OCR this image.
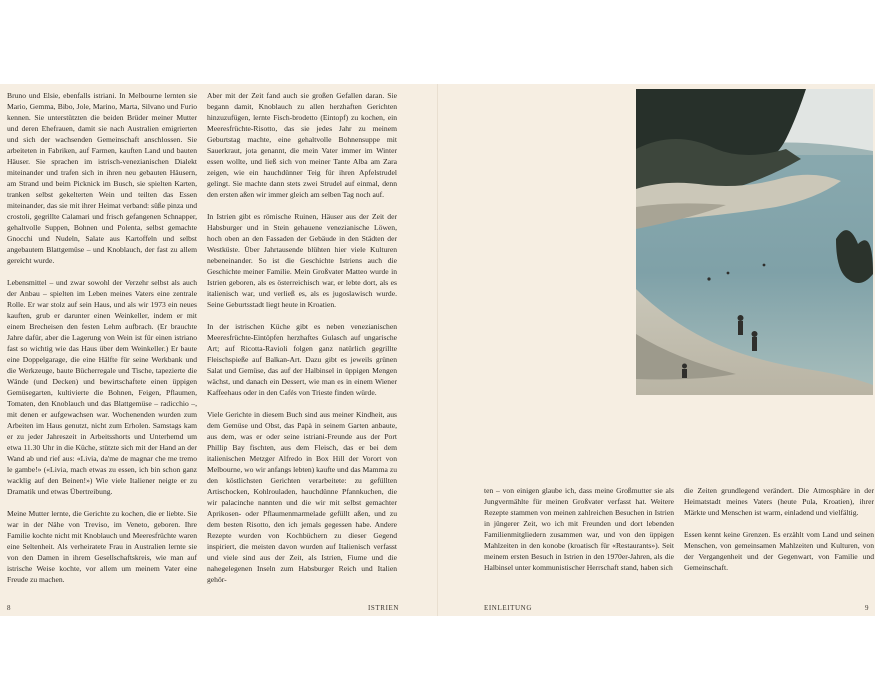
Bruno und Elsie, ebenfalls istriani. In Melbourne lernten sie Mario, Gemma, Bibo, Jole, Marino, Marta, Silvano und Furio kennen. Sie unterstützten die beiden Brüder meiner Mutter und deren Ehefrauen, damit sie nach Australien emigrierten und sich der wachsenden Gemeinschaft anschlossen. Sie arbeiteten in Fabriken, auf Farmen, kauften Land und bauten Häuser. Sie sprachen im istrisch-venezianischen Dialekt miteinander und trafen sich in ihren neu gebauten Häusern, am Strand und beim Picknick im Busch, sie spielten Karten, tranken selbst gekelterten Wein und teilten das Essen miteinander, das sie mit ihrer Heimat verband: süße pinza und crostoli, gegrillte Calamari und frisch gefangenen Schnapper, gehaltvolle Suppen, Bohnen und Polenta, selbst gemachte Gnocchi und Nudeln, Salate aus Kartoffeln und selbst angebautem Blattgemüse – und Knoblauch, der fast zu allem gereicht wurde.

Lebensmittel – und zwar sowohl der Verzehr selbst als auch der Anbau – spielten im Leben meines Vaters eine zentrale Rolle. Er war stolz auf sein Haus, und als wir 1973 ein neues kauften, grub er darunter einen Weinkeller, indem er mit einem Brecheisen den festen Lehm aufbrach. (Er brauchte Jahre dafür, aber die Lagerung von Wein ist für einen istriano fast so wichtig wie das Haus über dem Weinkeller.) Er baute eine Doppelgarage, die eine Hälfte für seine Werkbank und die Werkzeuge, baute Bücherregale und Tische, tapezierte die Wände (und Decken) und bewirtschaftete einen üppigen Gemüsegarten, kultivierte die Bohnen, Feigen, Pflaumen, Tomaten, den Knoblauch und das Blattgemüse – radicchio –, mit denen er aufgewachsen war. Wochenenden wurden zum Arbeiten im Haus genutzt, nicht zum Erholen. Samstags kam er zu jeder Jahreszeit in Arbeitsshorts und Unterhemd um etwa 11.30 Uhr in die Küche, stützte sich mit der Hand an der Wand ab und rief aus: «Livia, da'me de magnar che me tremo le gambe!» («Livia, mach etwas zu essen, ich bin schon ganz wacklig auf den Beinen!») Wie viele Italiener neigte er zu Dramatik und etwas Übertreibung.

Meine Mutter lernte, die Gerichte zu kochen, die er liebte. Sie war in der Nähe von Treviso, im Veneto, geboren. Ihre Familie kochte nicht mit Knoblauch und Meeresfrüchte waren eine Seltenheit. Als verheiratete Frau in Australien lernte sie von den Damen in ihrem Gesellschaftskreis, wie man auf istrische Weise kochte, vor allem um meinem Vater eine Freude zu machen.

Aber mit der Zeit fand auch sie großen Gefallen daran. Sie begann damit, Knoblauch zu allen herzhaften Gerichten hinzuzufügen, lernte Fisch-brodetto (Eintopf) zu kochen, ein Meeresfrüchte-Risotto, das sie jedes Jahr zu meinem Geburtstag machte, eine gehaltvolle Bohnensuppe mit Sauerkraut, jota genannt, die mein Vater immer im Winter essen wollte, und ließ sich von meiner Tante Alba am Zara zeigen, wie ein hauchdünner Teig für ihren Apfelstrudel gelingt. Sie machte dann stets zwei Strudel auf einmal, denn den ersten aßen wir immer gleich am selben Tag noch auf.

In Istrien gibt es römische Ruinen, Häuser aus der Zeit der Habsburger und in Stein gehauene venezianische Löwen, hoch oben an den Fassaden der Gebäude in den Städten der Westküste. Über Jahrtausende blühten hier viele Kulturen nebeneinander. So ist die Geschichte Istriens auch die Geschichte meiner Familie. Mein Großvater Matteo wurde in Istrien geboren, als es österreichisch war, er lebte dort, als es italienisch war, und verließ es, als es jugoslawisch wurde. Seine Geburtsstadt liegt heute in Kroatien.

In der istrischen Küche gibt es neben venezianischen Meeresfrüchte-Eintöpfen herzhaftes Gulasch auf ungarische Art; auf Ricotta-Ravioli folgen ganz natürlich gegrillte Fleischspieße auf Balkan-Art. Dazu gibt es jeweils grünen Salat und Gemüse, das auf der Halbinsel in üppigen Mengen wächst, und danach ein Dessert, wie man es in einem Wiener Kaffeehaus oder in den Cafés von Trieste finden würde.

Viele Gerichte in diesem Buch sind aus meiner Kindheit, aus dem Gemüse und Obst, das Papà in seinem Garten anbaute, aus dem, was er oder seine istriani-Freunde aus der Port Phillip Bay fischten, aus dem Fleisch, das er bei dem italienischen Metzger Alfredo in Box Hill der Vorort von Melbourne, wo wir anfangs lebten) kaufte und das Mamma zu den köstlichsten Gerichten verarbeitete: zu gefüllten Artischocken, Kohlrouladen, hauchdünne Pfannkuchen, die wir palacinche nannten und die wir mit selbst gemachter Aprikosen- oder Pflaumenmarmelade gefüllt aßen, und zu dem besten Risotto, den ich jemals gegessen habe. Andere Rezepte wurden von Kochbüchern zu dieser Gegend inspiriert, die meisten davon wurden auf Italienisch verfasst und viele sind aus der Zeit, als Istrien, Fiume und die nahegelegenen Inseln zum Habsburger Reich und Italien gehör-

8	ISTRIEN

ten – von einigen glaube ich, dass meine Großmutter sie als Jungvermählte für meinen Großvater verfasst hat. Weitere Rezepte stammen von meinen zahlreichen Besuchen in Istrien in jüngerer Zeit, wo ich mit Freunden und dort lebenden Familienmitgliedern zusammen war, und von den üppigen Mahlzeiten in den konobe (kroatisch für «Restaurants»). Seit meinem ersten Besuch in Istrien in den 1970er-Jahren, als die Halbinsel unter kommunistischer Herrschaft stand, haben sich

die Zeiten grundlegend verändert. Die Atmosphäre in der Heimatstadt meines Vaters (heute Pula, Kroatien), ihrer Märkte und Menschen ist warm, einladend und vielfältig.

Essen kennt keine Grenzen. Es erzählt vom Land und seinen Menschen, von gemeinsamen Mahlzeiten und Kulturen, von der Vergangenheit und der Gegenwart, von Familie und Gemeinschaft.

EINLEITUNG	9
